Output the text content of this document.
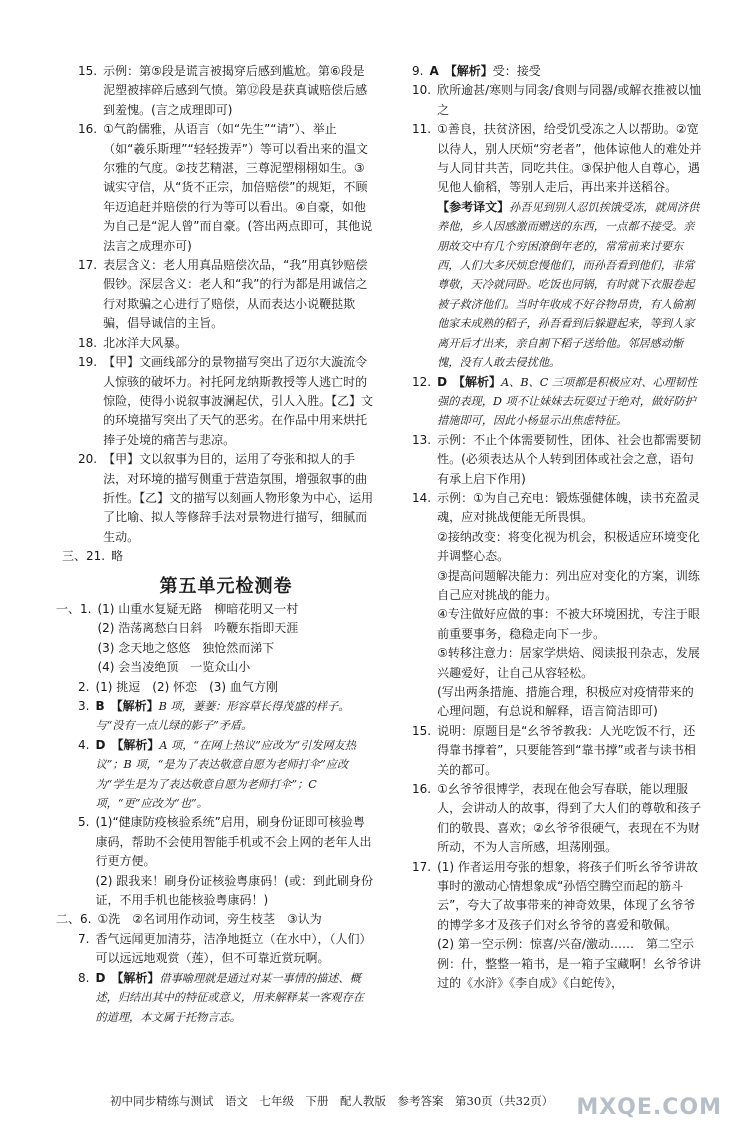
15. 示例：第⑤段是谎言被揭穿后感到尴尬。第⑥段是泥塑被摔碎后感到气愤。第⑫段是获真诚赔偿后感到羞愧。(言之成理即可)
16. ①气韵儒雅，从语言（如“先生”“请”）、举止（如“羲乐斯理”“轻轻拨弄”）等可以看出来的温文尔雅的气度。②技艺精湛，三尊泥塑栩栩如生。③诚实守信，从“货不正宗，加倍赔偿”的规矩，不顾年迈追赶并赔偿的行为等可以看出。④自豪，如他为自己是“泥人曾”而自豪。(答出两点即可，其他说法言之成理亦可)
17. 表层含义：老人用真品赔偿次品，“我”用真钞赔偿假钞。深层含义：老人和“我”的行为都是用诚信之行对欺骗之心进行了赔偿，从而表达小说鞭挞欺骗，倡导诚信的主旨。
18. 北冰洋大风暴。
19. 【甲】文画线部分的景物描写突出了迈尔大漩流令人惊骇的破坏力。衬托阿龙纳斯教授等人逃亡时的惊险，使得小说叙事波澜起伏，引人入胜。【乙】文的环境描写突出了天气的恶劣。在作品中用来烘托捧子处境的痛苦与悲凉。
20. 【甲】文以叙事为目的，运用了夸张和拟人的手法，对环境的描写侧重于营造氛围，增强叙事的曲折性。【乙】文的描写以刻画人物形象为中心，运用了比喻、拟人等修辞手法对景物进行描写，细腻而生动。
三、21. 略
第五单元检测卷
一、1. (1) 山重水复疑无路　柳暗花明又一村
(2) 浩荡离愁白日斜　吟鞭东指即天涯
(3) 念天地之悠悠　独怆然而涕下
(4) 会当凌绝顶　一览众山小
2. (1) 挑逗　(2) 怀恋　(3) 血气方刚
3. B　【解析】B 项，萋萋：形容草长得茂盛的样子。与“没有一点儿绿的影子”矛盾。
4. D　【解析】A 项，“在网上热议”应改为“引发网友热议”；B 项，“是为了表达敬意自愿为老师打伞”应改为“学生是为了表达敬意自愿为老师打伞”；C 项，“更”应改为“也”。
5. (1)“健康防疫核验系统”启用，刷身份证即可核验粤康码，帮助不会使用智能手机或不会上网的老年人出行更方便。
(2) 跟我来！刷身份证核验粤康码！(或：到此刷身份证，不用手机也能核验粤康码！)
二、6. ①洗　②名词用作动词，旁生枝茎　③认为
7. 香气远闻更加清芬，洁净地挺立（在水中），（人们）可以远远地观赏（莲），但不可靠近赏玩啊。
8. D　【解析】借事喻理就是通过对某一事情的描述、概述，归结出其中的特征或意义，用来解释某一客观存在的道理，本文属于托物言志。
9. A　【解析】受：接受
10. 欣所逾甚/寒则与同衾/食则与同器/或解衣推被以恤之
11. ①善良，扶贫济困，给受饥受冻之人以帮助。②宽以待人，别人厌烦“穷老者”，他体谅他人的难处并与人同甘共苦，同吃共住。③保护他人自尊心，遇见他人偷稻，等别人走后，再出来并送稻谷。
【参考译文】孙吾见到别人忍饥挨饿受冻，就周济供养他，乡人因感激而赠送的东西，一点都不接受。亲朋故交中有几个穷困潦倒年老的，常常前来讨要东西，人们大多厌烦怠慢他们，而孙吾看到他们，非常尊敬，天冷就同卧。吃饭也同锅，有时就下衣服卷起被子救济他们。当时年收成不好谷物昂贵，有人偷割他家未成熟的稻子，孙吾看到后躲避起来，等到人家离开后才出来，亲自割下稻子送给他。邻居感动惭愧，没有人敢去侵扰他。
12. D　【解析】A、B、C 三项都是积极应对、心理韧性强的表现，D 项不让妹妹去玩耍过于绝对，做好防护措施即可，因此小杨显示出焦虑特征。
13. 示例：不止个体需要韧性，团体、社会也都需要韧性。(必须表达从个人转到团体或社会之意，语句有承上启下作用)
14. 示例：①为自己充电：锻炼强健体魄，读书充盈灵魂，应对挑战便能无所畏惧。
②接纳改变：将变化视为机会，积极适应环境变化并调整心态。
③提高问题解决能力：列出应对变化的方案，训练自己应对挑战的能力。
④专注做好应做的事：不被大环境困扰，专注于眼前重要事务，稳稳走向下一步。
⑤转移注意力：居家学烘焙、阅读报刊杂志，发展兴趣爱好，让自己从容轻松。
(写出两条措施、措施合理，积极应对疫情带来的心理问题，有总说和解释，语言简洁即可)
15. 说明：原题目是“幺爷爷教我：人光吃饭不行，还得靠书撑着”，只要能答到“靠书撑”或者与读书相关的都可。
16. ①幺爷爷很博学，表现在他会写春联，能以理服人，会讲动人的故事，得到了大人们的尊敬和孩子们的敬畏、喜欢；②幺爷爷很硬气，表现在不为财所动，不为人言所感，坦荡刚强。
17. (1) 作者运用夸张的想象，将孩子们听幺爷爷讲故事时的激动心情想象成“孙悟空腾空而起的筋斗云”，夸大了故事带来的神奇效果，体现了幺爷爷的博学多才及孩子们对幺爷爷的喜爱和敬佩。
(2) 第一空示例：惊喜/兴奋/激动……　第二空示例：什，整整一箱书，是一箱子宝藏啊！幺爷爷讲过的《水浒》《李自成》《白蛇传》，
初中同步精练与测试　语文　七年级　下册　配人教版　参考答案　第30页（共32页）	MXQE.COM
